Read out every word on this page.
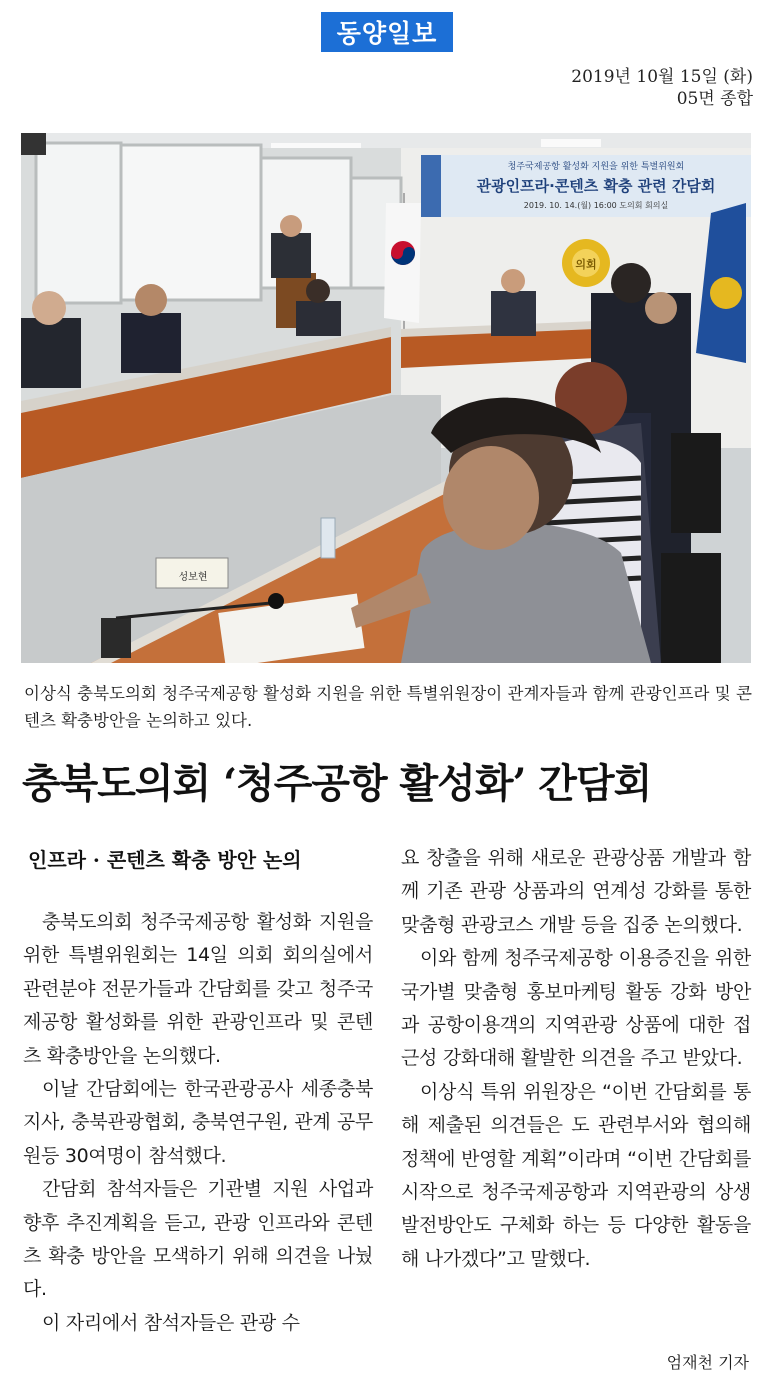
동양일보
2019년 10월 15일 (화)
05면 종합
청주국제공항 활성화 지원을 위한 특별위원회
관광인프라·콘텐츠 확충 관련 간담회
2019. 10. 14.(월) 16:00 도의회 회의실
의회
성보현
이상식 충북도의회 청주국제공항 활성화 지원을 위한 특별위원장이 관계자들과 함께 관광인프라 및 콘텐츠 확충방안을 논의하고 있다.
충북도의회 ‘청주공항 활성화’ 간담회
인프라 · 콘텐츠 확충 방안 논의

충북도의회 청주국제공항 활성화 지원을 위한 특별위원회는 14일 의회 회의실에서 관련분야 전문가들과 간담회를 갖고 청주국제공항 활성화를 위한 관광인프라 및 콘텐츠 확충방안을 논의했다.

이날 간담회에는 한국관광공사 세종충북지사, 충북관광협회, 충북연구원, 관계 공무원등 30여명이 참석했다.

간담회 참석자들은 기관별 지원 사업과 향후 추진계획을 듣고, 관광 인프라와 콘텐츠 확충 방안을 모색하기 위해 의견을 나눴다.

이 자리에서 참석자들은 관광 수

요 창출을 위해 새로운 관광상품 개발과 함께 기존 관광 상품과의 연계성 강화를 통한 맞춤형 관광코스 개발 등을 집중 논의했다.

이와 함께 청주국제공항 이용증진을 위한 국가별 맞춤형 홍보마케팅 활동 강화 방안과 공항이용객의 지역관광 상품에 대한 접근성 강화대해 활발한 의견을 주고 받았다.

이상식 특위 위원장은 “이번 간담회를 통해 제출된 의견들은 도 관련부서와 협의해 정책에 반영할 계획”이라며 “이번 간담회를 시작으로 청주국제공항과 지역관광의 상생 발전방안도 구체화 하는 등 다양한 활동을 해 나가겠다”고 말했다.

엄재천 기자
